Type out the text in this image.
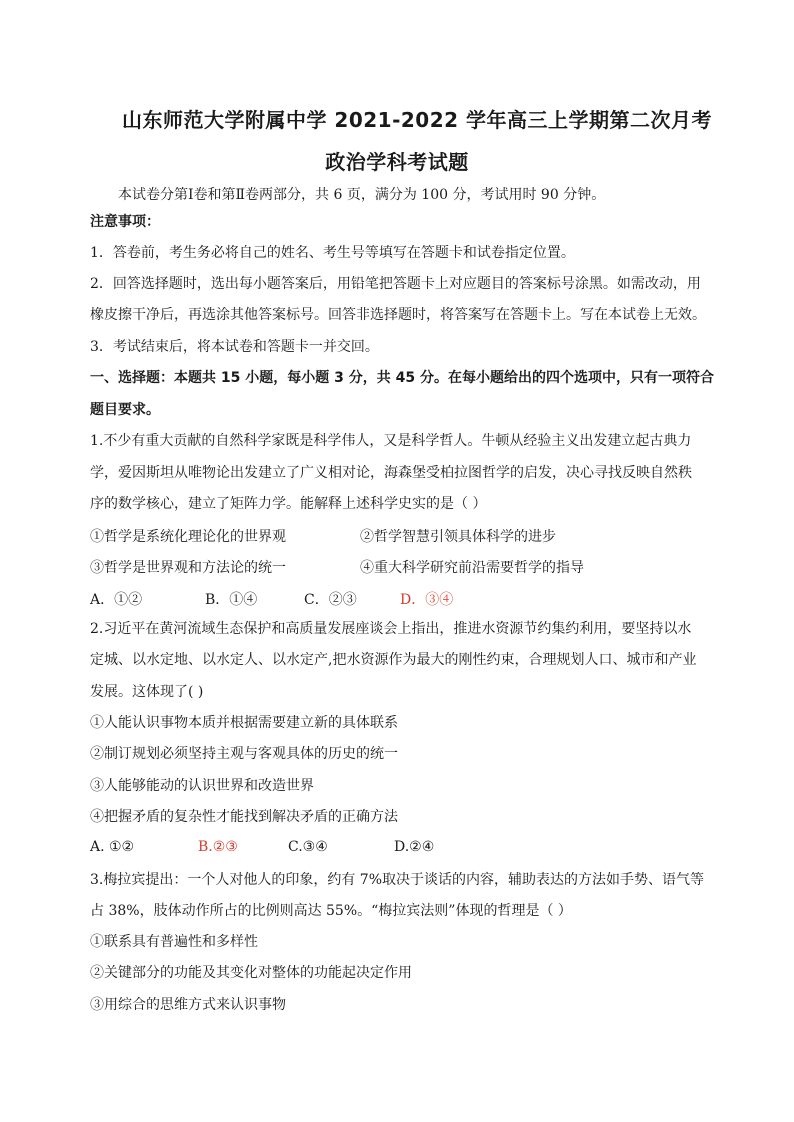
山东师范大学附属中学 2021-2022 学年高三上学期第二次月考
政治学科考试题
本试卷分第Ⅰ卷和第Ⅱ卷两部分，共 6 页，满分为 100 分，考试用时 90 分钟。
注意事项：
1．答卷前，考生务必将自己的姓名、考生号等填写在答题卡和试卷指定位置。
2．回答选择题时，选出每小题答案后，用铅笔把答题卡上对应题目的答案标号涂黑。如需改动，用
橡皮擦干净后，再选涂其他答案标号。回答非选择题时，将答案写在答题卡上。写在本试卷上无效。
3．考试结束后，将本试卷和答题卡一并交回。
一、选择题：本题共 15 小题，每小题 3 分，共 45 分。在每小题给出的四个选项中，只有一项符合
题目要求。
1.不少有重大贡献的自然科学家既是科学伟人，又是科学哲人。牛顿从经验主义出发建立起古典力
学，爱因斯坦从唯物论出发建立了广义相对论，海森堡受柏拉图哲学的启发，决心寻找反映自然秩
序的数学核心，建立了矩阵力学。能解释上述科学史实的是（ ）
①哲学是系统化理论化的世界观	②哲学智慧引领具体科学的进步
③哲学是世界观和方法论的统一	④重大科学研究前沿需要哲学的指导
A．①②	B．①④	C．②③	D．③④
2.习近平在黄河流域生态保护和高质量发展座谈会上指出，推进水资源节约集约利用，要坚持以水
定城、以水定地、以水定人、以水定产,把水资源作为最大的刚性约束，合理规划人口、城市和产业
发展。这体现了( )
①人能认识事物本质并根据需要建立新的具体联系
②制订规划必须坚持主观与客观具体的历史的统一
③人能够能动的认识世界和改造世界
④把握矛盾的复杂性才能找到解决矛盾的正确方法
A. ①②	B.②③	C.③④	D.②④
3.梅拉宾提出：一个人对他人的印象，约有 7%取决于谈话的内容，辅助表达的方法如手势、语气等
占 38%，肢体动作所占的比例则高达 55%。“梅拉宾法则”体现的哲理是（ ）
①联系具有普遍性和多样性
②关键部分的功能及其变化对整体的功能起决定作用
③用综合的思维方式来认识事物
